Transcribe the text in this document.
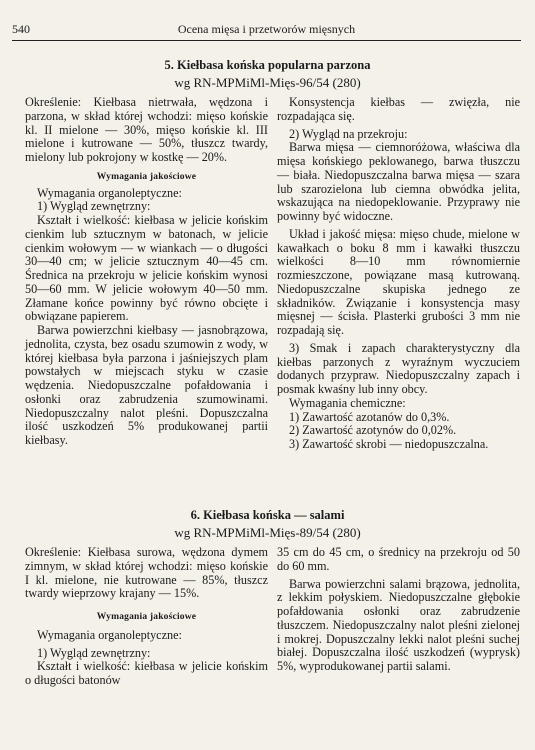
540	Ocena mięsa i przetworów mięsnych
5. Kiełbasa końska popularna parzona
wg RN-MPMiMl-Mięs-96/54 (280)

Określenie: Kiełbasa nietrwała, wędzona i parzona, w skład której wchodzi: mięso końskie kl. II mielone — 30%, mięso końskie kl. III mielone i kutrowane — 50%, tłuszcz twardy, mielony lub pokrojony w kostkę — 20%.

Wymagania jakościowe

Wymagania organoleptyczne:

1) Wygląd zewnętrzny:

Kształt i wielkość: kiełbasa w jelicie końskim cienkim lub sztucznym w batonach, w jelicie cienkim wołowym — w wiankach — o długości 30—40 cm; w jelicie sztucznym 40—45 cm. Średnica na przekroju w jelicie końskim wynosi 50—60 mm. W jelicie wołowym 40—50 mm. Złamane końce powinny być równo obcięte i obwiązane papierem.

Barwa powierzchni kiełbasy — jasnobrązowa, jednolita, czysta, bez osadu szumowin z wody, w której kiełbasa była parzona i jaśniejszych plam powstałych w miejscach styku w czasie wędzenia. Niedopuszczalne pofałdowania i osłonki oraz zabrudzenia szumowinami. Niedopuszczalny nalot pleśni. Dopuszczalna ilość uszkodzeń 5% produkowanej partii kiełbasy.

Konsystencja kiełbas — zwięzła, nie rozpadająca się.

2) Wygląd na przekroju:

Barwa mięsa — ciemnoróżowa, właściwa dla mięsa końskiego peklowanego, barwa tłuszczu — biała. Niedopuszczalna barwa mięsa — szara lub szarozielona lub ciemna obwódka jelita, wskazująca na niedopeklowanie. Przyprawy nie powinny być widoczne.

Układ i jakość mięsa: mięso chude, mielone w kawałkach o boku 8 mm i kawałki tłuszczu wielkości 8—10 mm równomiernie rozmieszczone, powiązane masą kutrowaną. Niedopuszczalne skupiska jednego ze składników. Związanie i konsystencja masy mięsnej — ścisła. Plasterki grubości 3 mm nie rozpadają się.

3) Smak i zapach charakterystyczny dla kiełbas parzonych z wyraźnym wyczuciem dodanych przypraw. Niedopuszczalny zapach i posmak kwaśny lub inny obcy.

Wymagania chemiczne:

1) Zawartość azotanów do 0,3%.

2) Zawartość azotynów do 0,02%.

3) Zawartość skrobi — niedopuszczalna.

6. Kiełbasa końska — salami
wg RN-MPMiMl-Mięs-89/54 (280)

Określenie: Kiełbasa surowa, wędzona dymem zimnym, w skład której wchodzi: mięso końskie I kl. mielone, nie kutrowane — 85%, tłuszcz twardy wieprzowy krajany — 15%.

Wymagania jakościowe

Wymagania organoleptyczne:

1) Wygląd zewnętrzny:

Kształt i wielkość: kiełbasa w jelicie końskim o długości batonów

35 cm do 45 cm, o średnicy na przekroju od 50 do 60 mm.

Barwa powierzchni salami brązowa, jednolita, z lekkim połyskiem. Niedopuszczalne głębokie pofałdowania osłonki oraz zabrudzenie tłuszczem. Niedopuszczalny nalot pleśni zielonej i mokrej. Dopuszczalny lekki nalot pleśni suchej białej. Dopuszczalna ilość uszkodzeń (wyprysk) 5%, wyprodukowanej partii salami.
